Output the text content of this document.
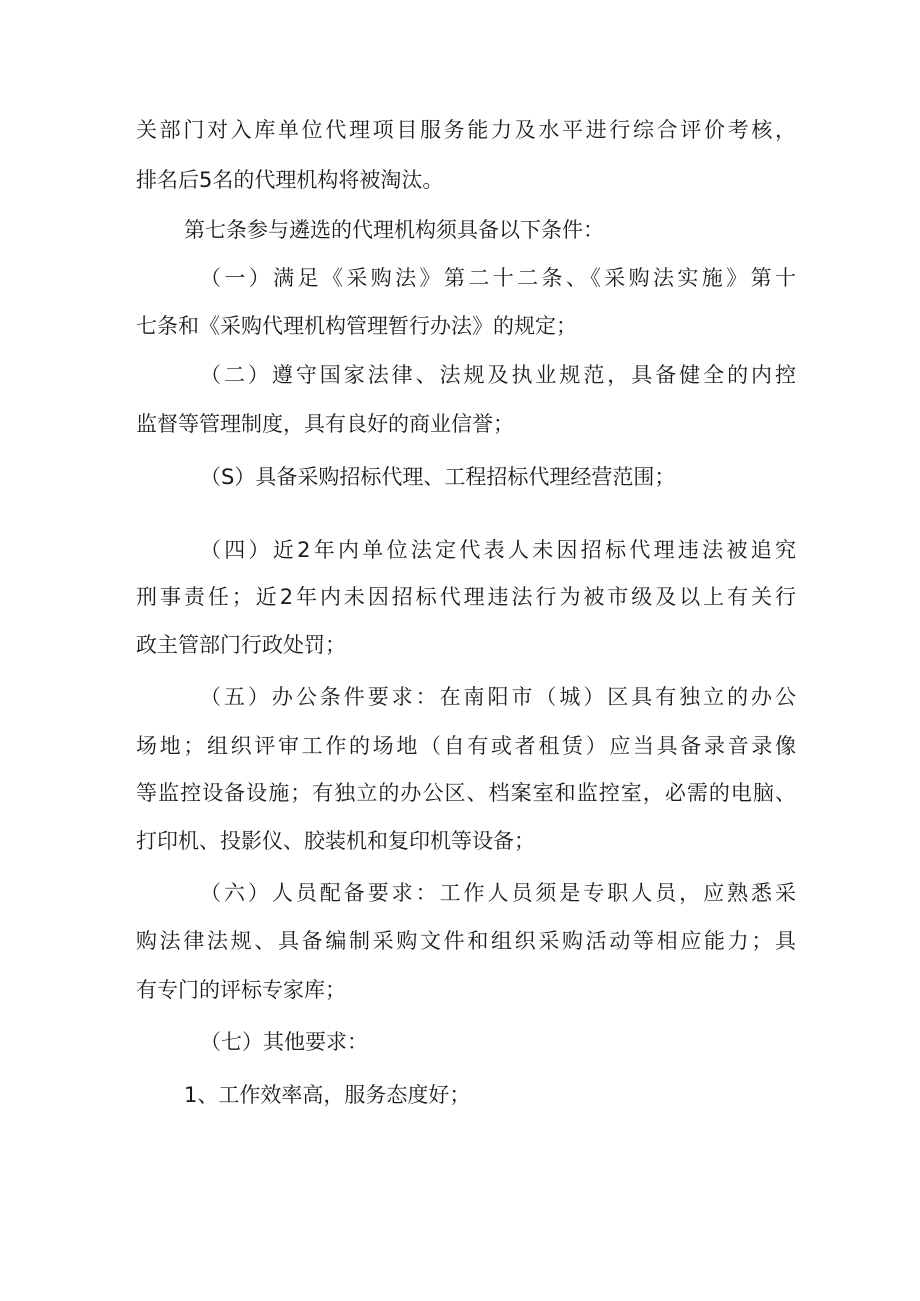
关部门对入库单位代理项目服务能力及水平进行综合评价考核，
排名后5名的代理机构将被淘汰。
第七条参与遴选的代理机构须具备以下条件：
（一）满足《采购法》第二十二条、《采购法实施》第十
七条和《采购代理机构管理暂行办法》的规定；
（二）遵守国家法律、法规及执业规范，具备健全的内控
监督等管理制度，具有良好的商业信誉；
（S）具备采购招标代理、工程招标代理经营范围；
（四）近2年内单位法定代表人未因招标代理违法被追究
刑事责任；近2年内未因招标代理违法行为被市级及以上有关行
政主管部门行政处罚；
（五）办公条件要求：在南阳市（城）区具有独立的办公
场地；组织评审工作的场地（自有或者租赁）应当具备录音录像
等监控设备设施；有独立的办公区、档案室和监控室，必需的电脑、
打印机、投影仪、胶装机和复印机等设备；
（六）人员配备要求：工作人员须是专职人员，应熟悉采
购法律法规、具备编制采购文件和组织采购活动等相应能力；具
有专门的评标专家库；
（七）其他要求：
1、工作效率高，服务态度好；
